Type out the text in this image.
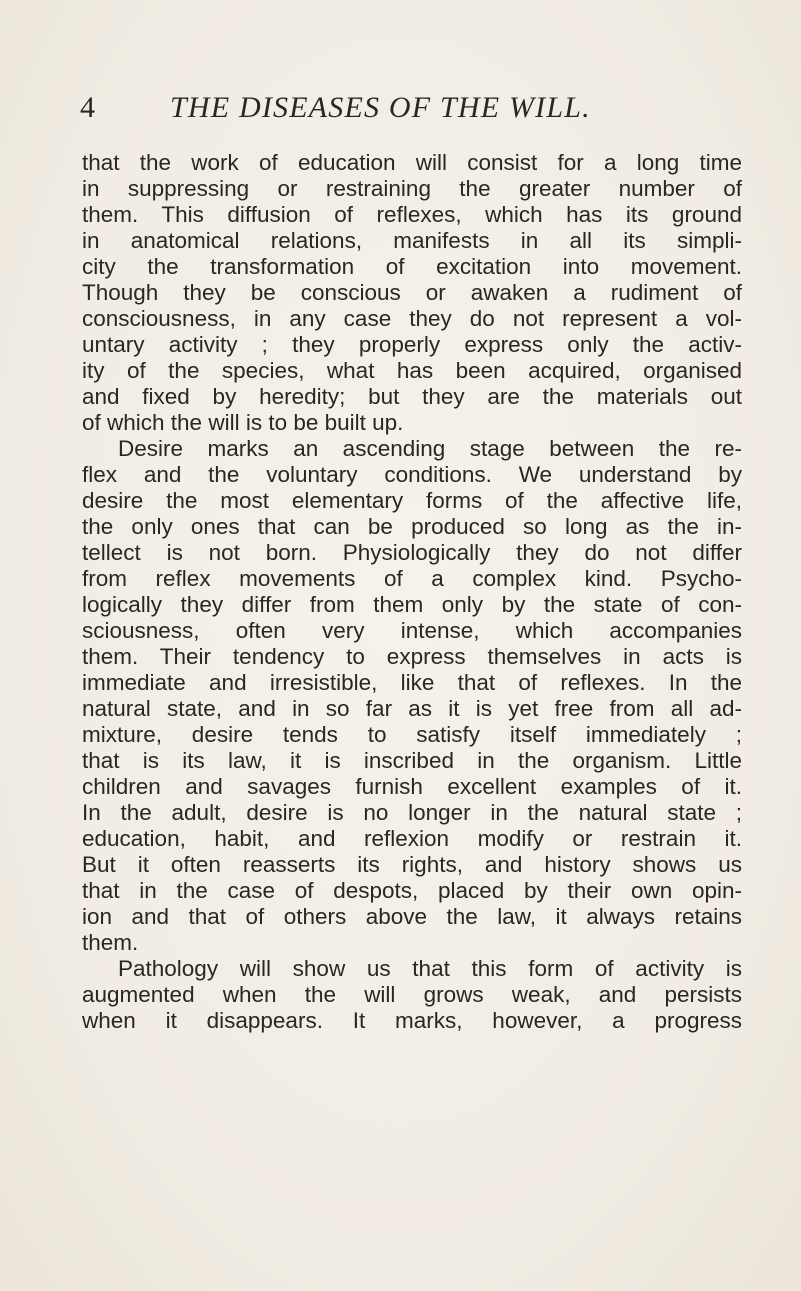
4	THE DISEASES OF THE WILL.
that the work of education will consist for a long time
in suppressing or restraining the greater number of
them. This diffusion of reflexes, which has its ground
in anatomical relations, manifests in all its simpli-
city the transformation of excitation into movement.
Though they be conscious or awaken a rudiment of
consciousness, in any case they do not represent a vol-
untary activity ; they properly express only the activ-
ity of the species, what has been acquired, organised
and fixed by heredity; but they are the materials out
of which the will is to be built up.
Desire marks an ascending stage between the re-
flex and the voluntary conditions. We understand by
desire the most elementary forms of the affective life,
the only ones that can be produced so long as the in-
tellect is not born. Physiologically they do not differ
from reflex movements of a complex kind. Psycho-
logically they differ from them only by the state of con-
sciousness, often very intense, which accompanies
them. Their tendency to express themselves in acts is
immediate and irresistible, like that of reflexes. In the
natural state, and in so far as it is yet free from all ad-
mixture, desire tends to satisfy itself immediately ;
that is its law, it is inscribed in the organism. Little
children and savages furnish excellent examples of it.
In the adult, desire is no longer in the natural state ;
education, habit, and reflexion modify or restrain it.
But it often reasserts its rights, and history shows us
that in the case of despots, placed by their own opin-
ion and that of others above the law, it always retains
them.
Pathology will show us that this form of activity is
augmented when the will grows weak, and persists
when it disappears. It marks, however, a progress
